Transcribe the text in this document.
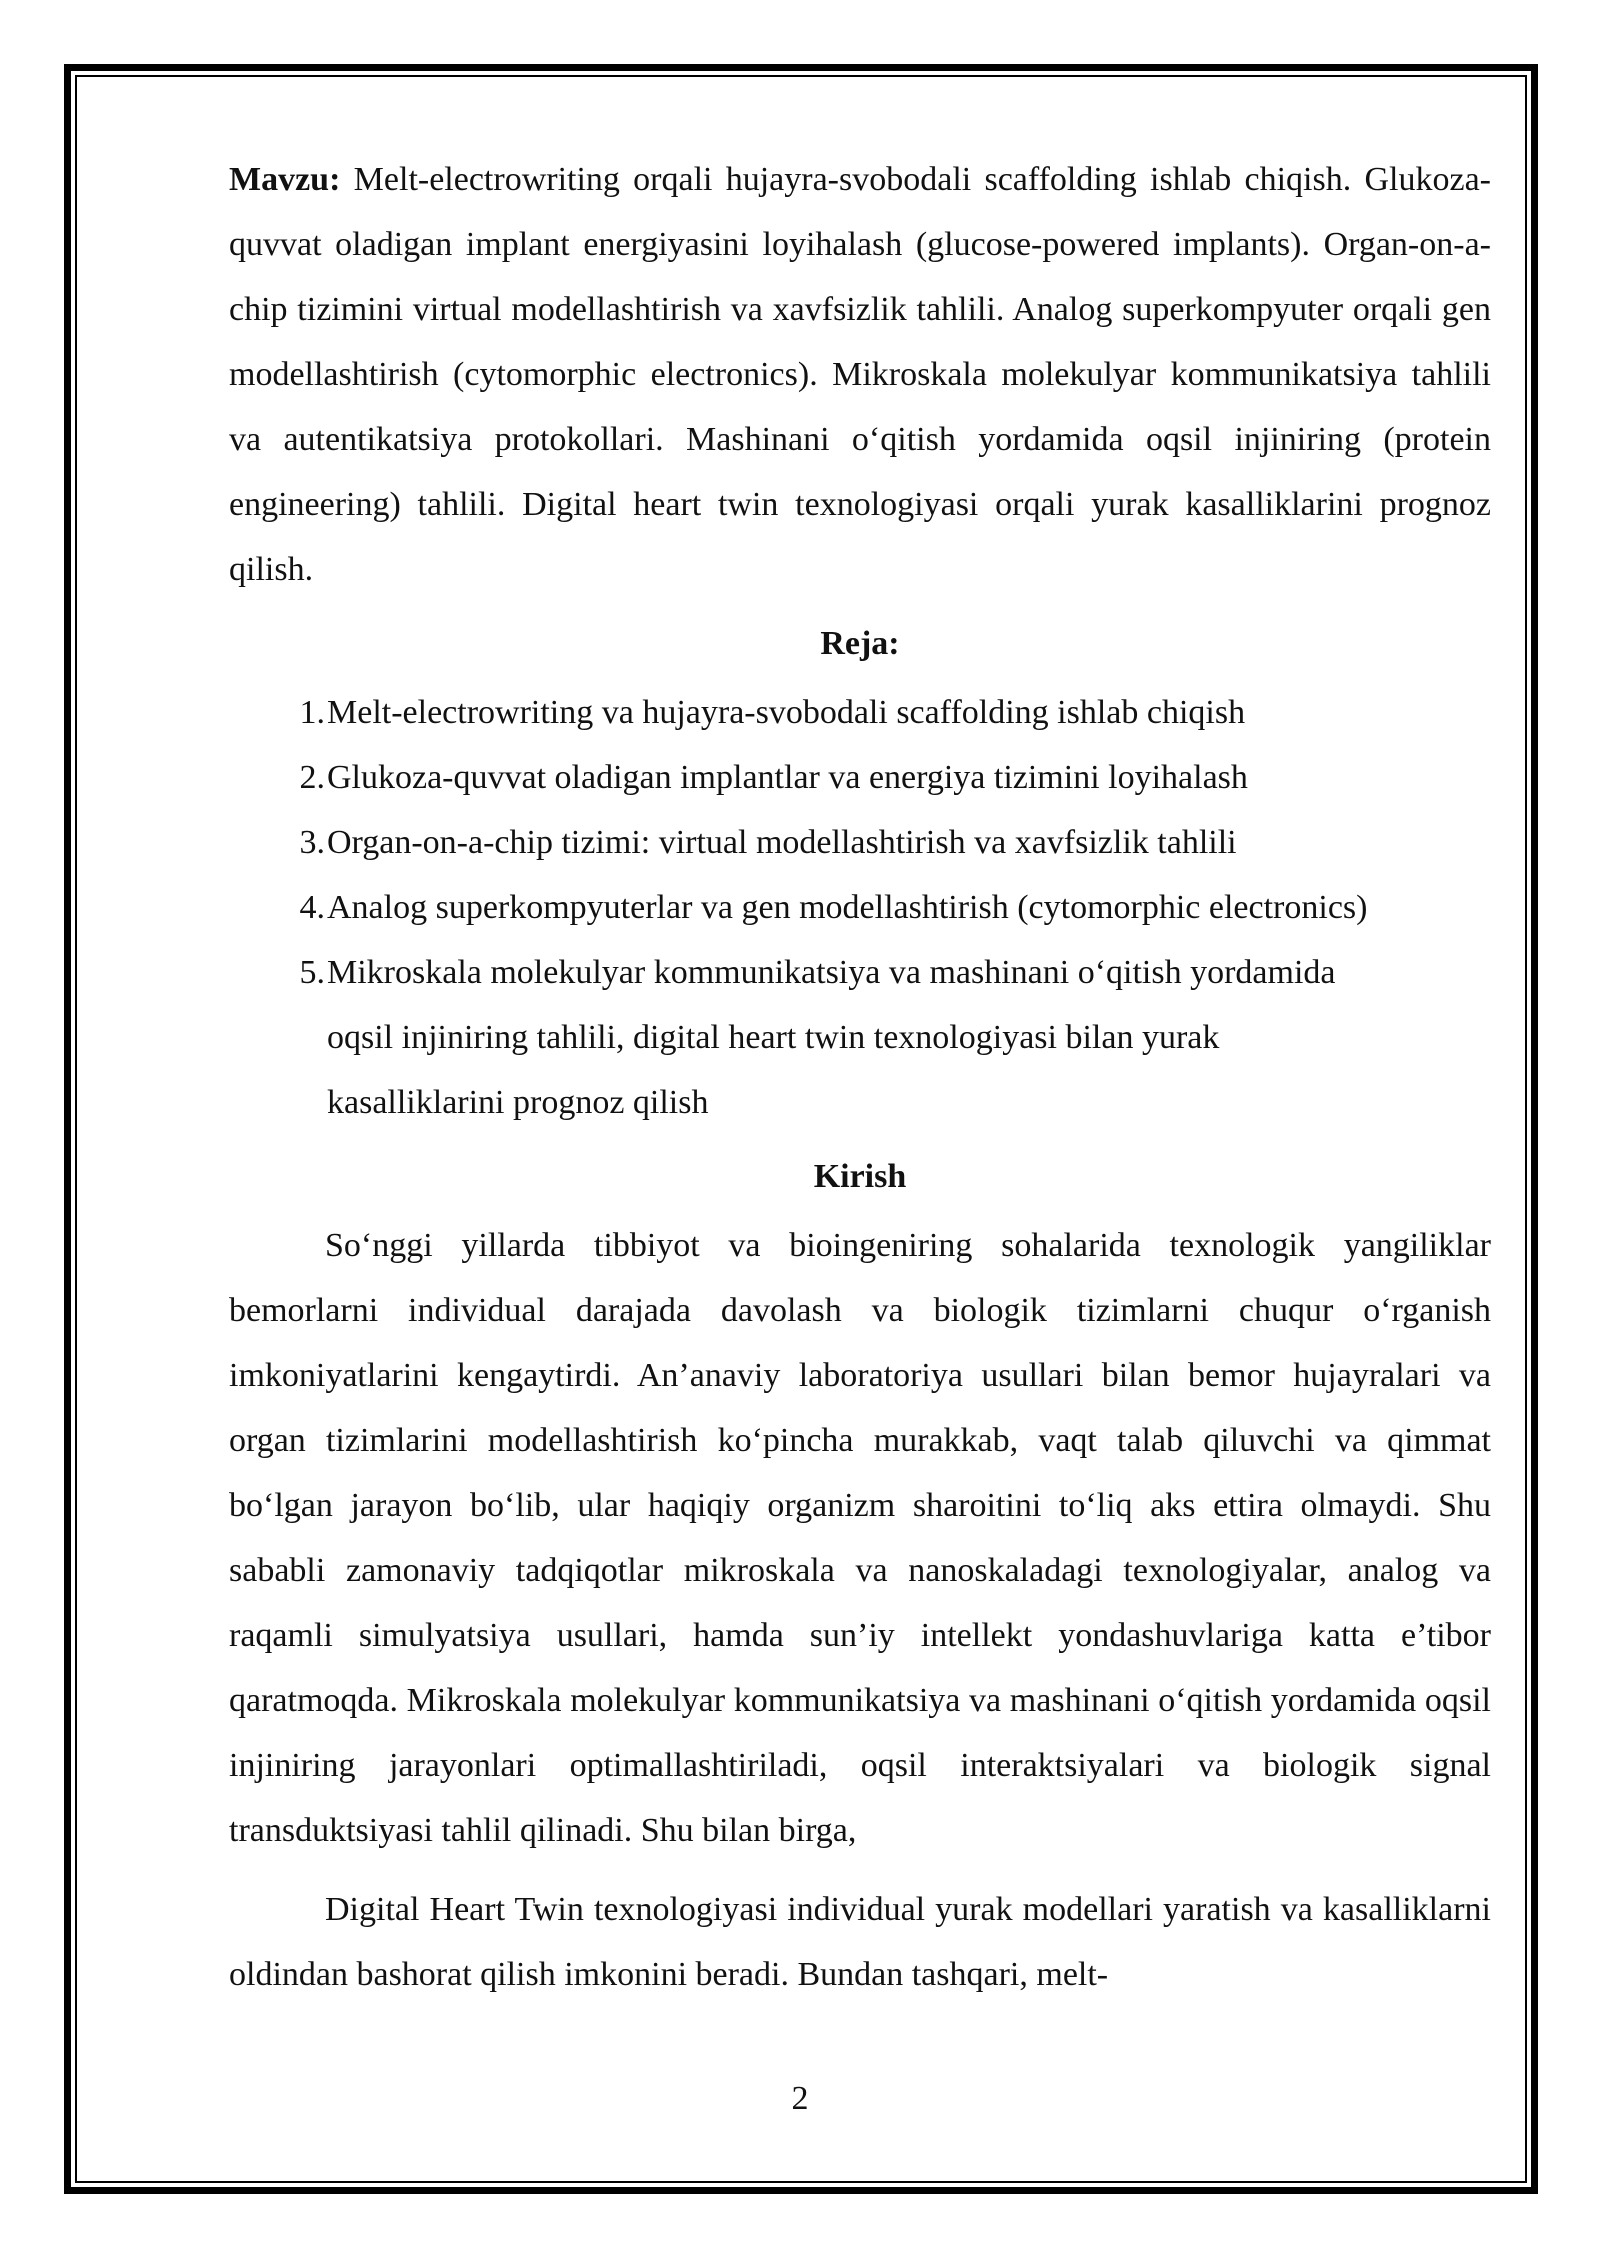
Mavzu: Melt-electrowriting orqali hujayra-svobodali scaffolding ishlab chiqish. Glukoza-quvvat oladigan implant energiyasini loyihalash (glucose-powered implants). Organ-on-a-chip tizimini virtual modellashtirish va xavfsizlik tahlili. Analog superkompyuter orqali gen modellashtirish (cytomorphic electronics). Mikroskala molekulyar kommunikatsiya tahlili va autentikatsiya protokollari. Mashinani o‘qitish yordamida oqsil injiniring (protein engineering) tahlili. Digital heart twin texnologiyasi orqali yurak kasalliklarini prognoz qilish.

Reja:

1. Melt-electrowriting va hujayra-svobodali scaffolding ishlab chiqish
2. Glukoza-quvvat oladigan implantlar va energiya tizimini loyihalash
3. Organ-on-a-chip tizimi: virtual modellashtirish va xavfsizlik tahlili
4. Analog superkompyuterlar va gen modellashtirish (cytomorphic electronics)
5. Mikroskala molekulyar kommunikatsiya va mashinani o‘qitish yordamida oqsil injiniring tahlili, digital heart twin texnologiyasi bilan yurak kasalliklarini prognoz qilish

Kirish

So‘nggi yillarda tibbiyot va bioingeniring sohalarida texnologik yangiliklar bemorlarni individual darajada davolash va biologik tizimlarni chuqur o‘rganish imkoniyatlarini kengaytirdi. An’anaviy laboratoriya usullari bilan bemor hujayralari va organ tizimlarini modellashtirish ko‘pincha murakkab, vaqt talab qiluvchi va qimmat bo‘lgan jarayon bo‘lib, ular haqiqiy organizm sharoitini to‘liq aks ettira olmaydi. Shu sababli zamonaviy tadqiqotlar mikroskala va nanoskaladagi texnologiyalar, analog va raqamli simulyatsiya usullari, hamda sun’iy intellekt yondashuvlariga katta e’tibor qaratmoqda. Mikroskala molekulyar kommunikatsiya va mashinani o‘qitish yordamida oqsil injiniring jarayonlari optimallashtiriladi, oqsil interaktsiyalari va biologik signal transduktsiyasi tahlil qilinadi. Shu bilan birga,

Digital Heart Twin texnologiyasi individual yurak modellari yaratish va kasalliklarni oldindan bashorat qilish imkonini beradi. Bundan tashqari, melt-

2
